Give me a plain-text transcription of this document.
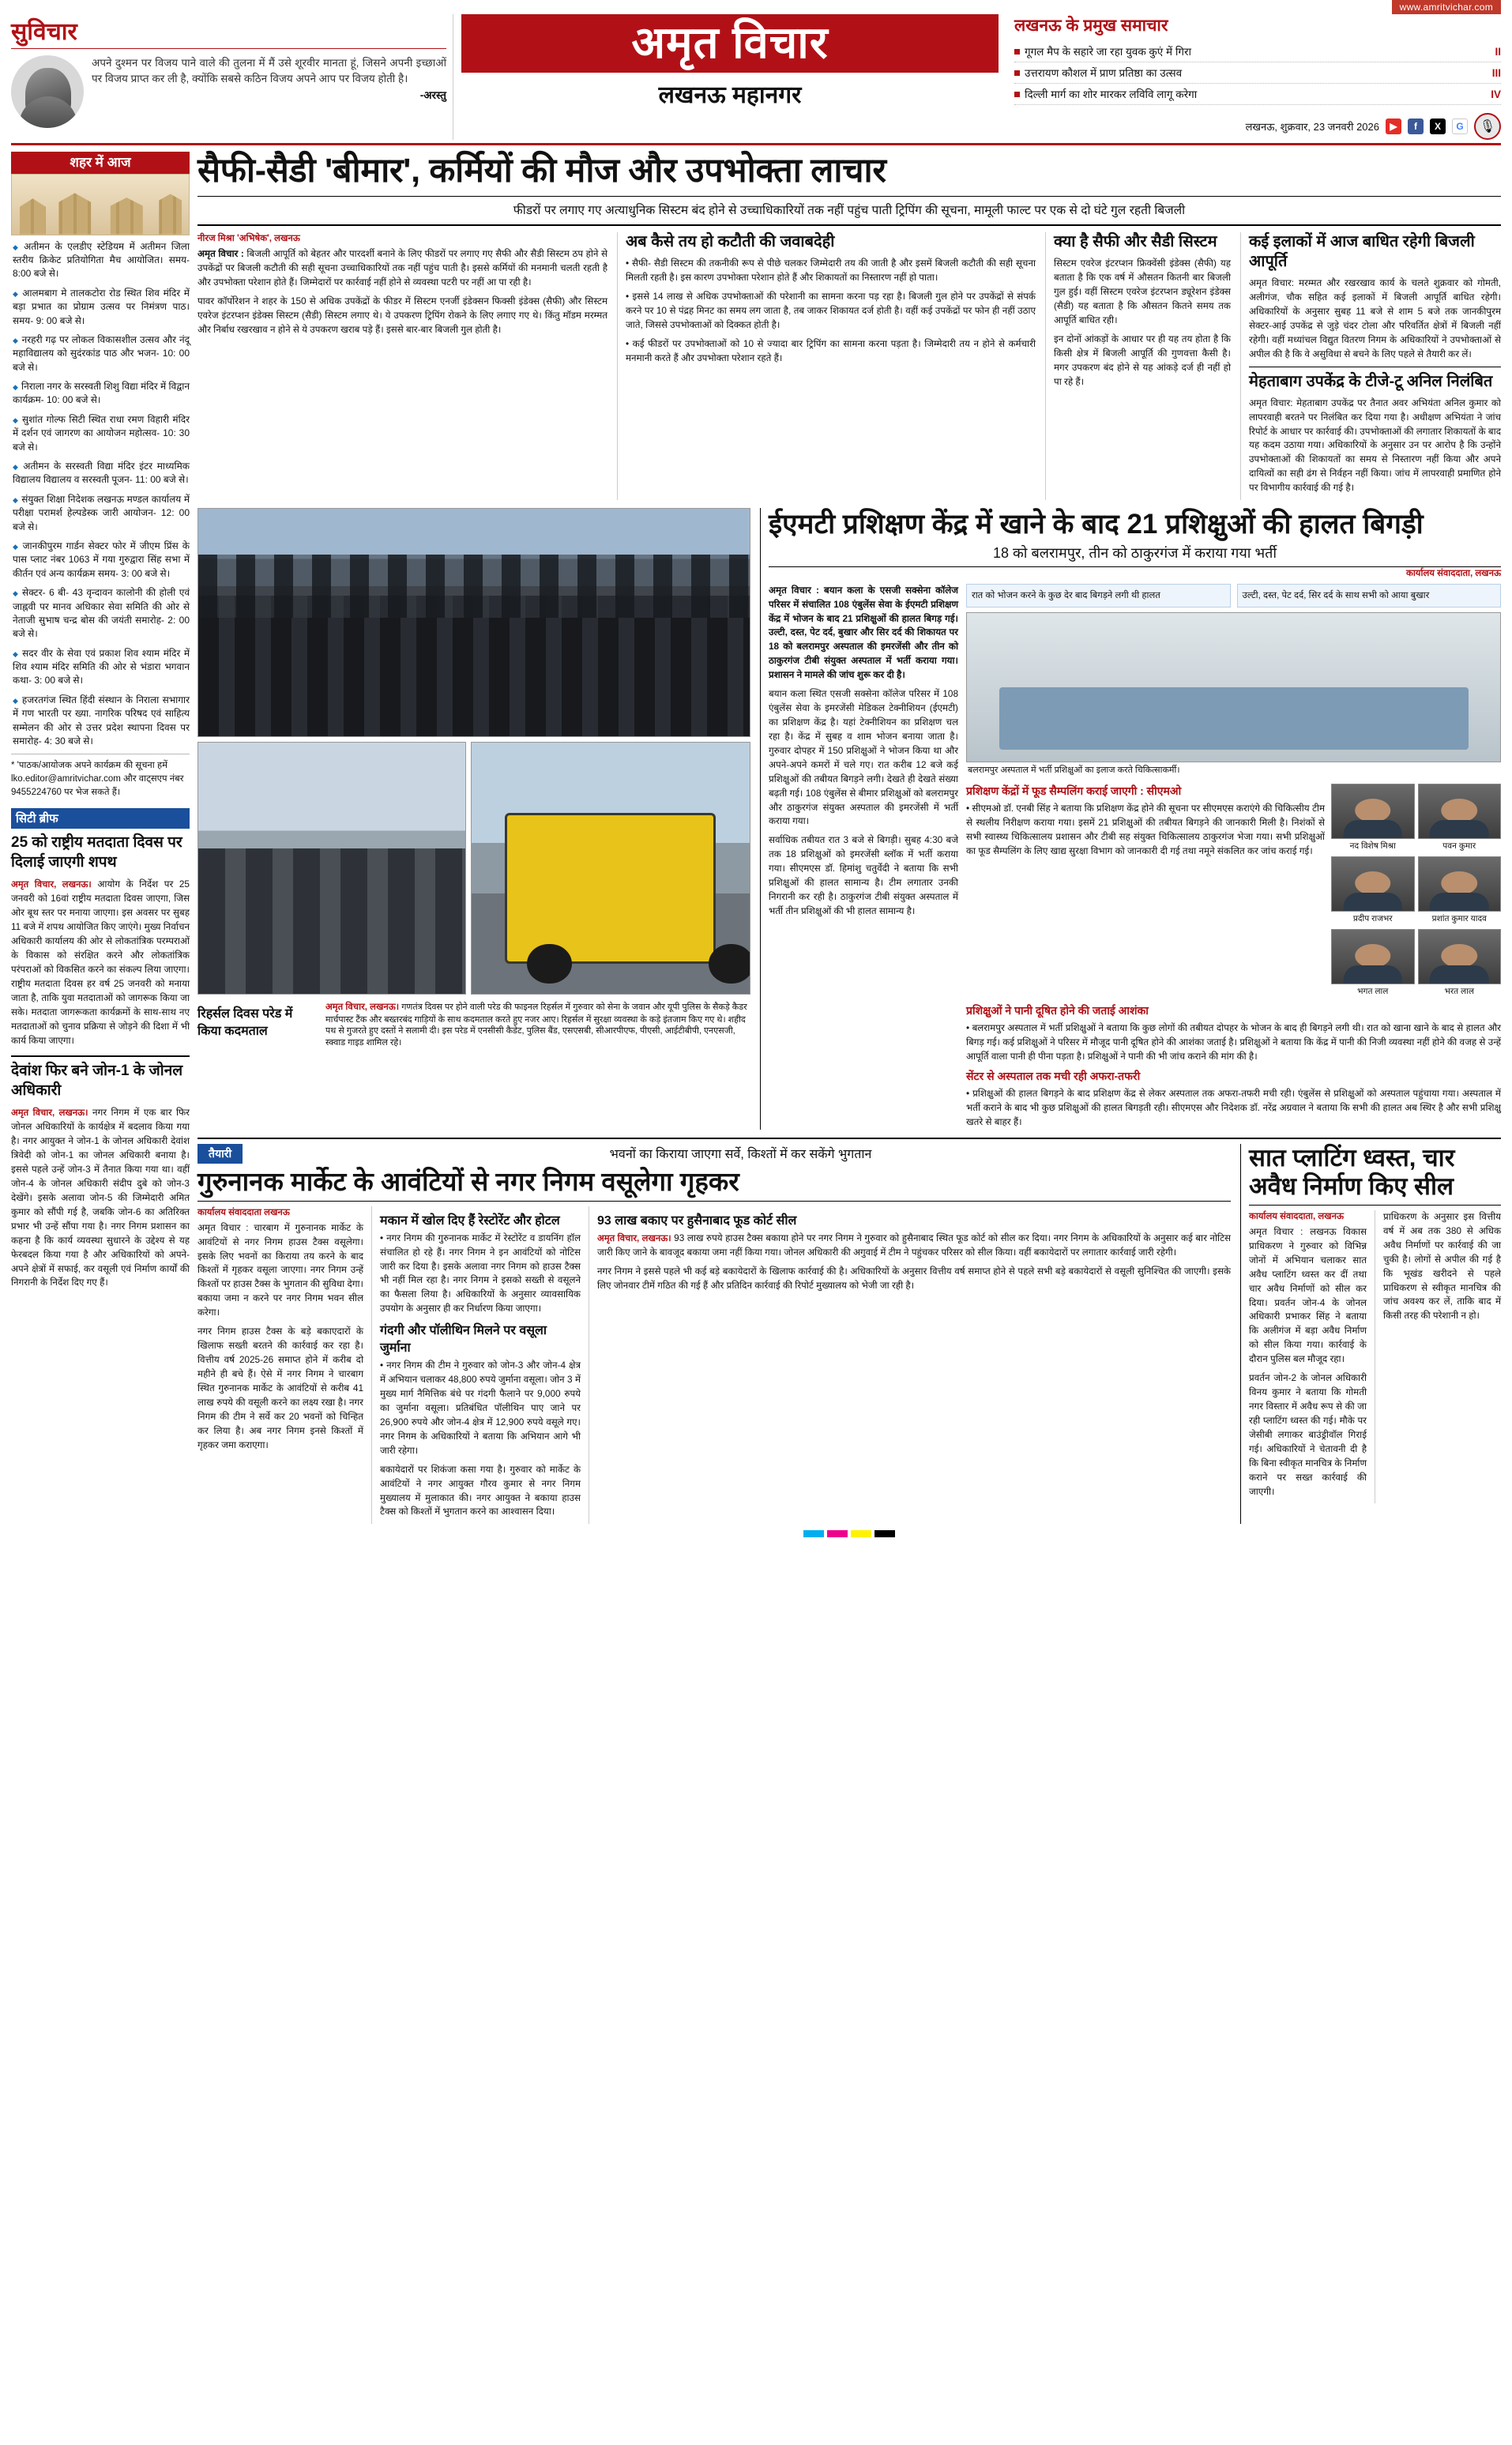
www.amritvichar.com
सुविचार
अपने दुश्मन पर विजय पाने वाले की तुलना में मैं उसे शूरवीर मानता हूं, जिसने अपनी इच्छाओं पर विजय प्राप्त कर ली है, क्योंकि सबसे कठिन विजय अपने आप पर विजय होती है।
-अरस्तु
अमृत विचार
लखनऊ महानगर
लखनऊ के प्रमुख समाचार
गूगल मैप के सहारे जा रहा युवक कुएं में गिरा	II
उत्तरायण कौशल में प्राण प्रतिष्ठा का उत्सव	III
दिल्ली मार्ग का शोर मारकर लविवि लागू करेगा	IV
लखनऊ, शुक्रवार, 23 जनवरी 2026	▶	f	X	G
🎙
शहर में आज
◆ अतीमन के एलडीए स्टेडियम में अतीमन जिला स्तरीय क्रिकेट प्रतियोगिता मैच आयोजित। समय- 8:00 बजे से।
◆ आलमबाग मे तालकटोरा रोड स्थित शिव मंदिर में बड़ा प्रभात का प्रोग्राम उत्सव पर निमंत्रण पाठ। समय- 9: 00 बजे से।
◆ नरहरी गढ़ पर लोकल विकासशील उत्सव और नंदू महाविद्यालय को सुदंरकांड पाठ और भजन- 10: 00 बजे से।
◆ निराला नगर के सरस्वती शिशु विद्या मंदिर में विद्वान कार्यक्रम- 10: 00 बजे से।
◆ सुशांत गोल्फ सिटी स्थित राधा रमण विहारी मंदिर में दर्शन एवं जागरण का आयोजन महोत्सव- 10: 30 बजे से।
◆ अतीमन के सरस्वती विद्या मंदिर इंटर माध्यमिक विद्यालय विद्यालय व सरस्वती पूजन- 11: 00 बजे से।
◆ संयुक्त शिक्षा निदेशक लखनऊ मण्डल कार्यालय में परीक्षा परामर्श हेल्पडेस्क जारी आयोजन- 12: 00 बजे से।
◆ जानकीपुरम गार्डन सेक्टर फोर में जीएम प्रिंस के पास प्लाट नंबर 1063 में गया गुरुद्वारा सिंह सभा में कीर्तन एवं अन्य कार्यक्रम समय- 3: 00 बजे से।
◆ सेक्टर- 6 बी- 43 वृन्दावन कालोनी की होली एवं जाह्नवी पर मानव अधिकार सेवा समिति की ओर से नेताजी सुभाष चन्द्र बोस की जयंती समारोह- 2: 00 बजे से।
◆ सदर वीर के सेवा एवं प्रकाश शिव श्याम मंदिर में शिव श्याम मंदिर समिति की ओर से भंडारा भगवान कथा- 3: 00 बजे से।
◆ हजरतगंज स्थित हिंदी संस्थान के निराला सभागार में गण भारती पर ख्या. नागरिक परिषद एवं साहित्य सम्मेलन की ओर से उत्तर प्रदेश स्थापना दिवस पर समारोह- 4: 30 बजे से।
* 'पाठक/आयोजक अपने कार्यक्रम की सूचना हमें lko.editor@amritvichar.com और वाट्सएप नंबर 9455224760 पर भेज सकते हैं।
सिटी ब्रीफ
25 को राष्ट्रीय मतदाता दिवस पर दिलाई जाएगी शपथ

अमृत विचार, लखनऊ। आयोग के निर्देश पर 25 जनवरी को 16वां राष्ट्रीय मतदाता दिवस जाएगा, जिस ओर बूथ स्तर पर मनाया जाएगा। इस अवसर पर सुबह 11 बजे में शपथ आयोजित किए जाएंगे। मुख्य निर्वाचन अधिकारी कार्यालय की ओर से लोकतांत्रिक परम्पराओं के विकास को संरक्षित करने और लोकतांत्रिक परंपराओं को विकसित करने का संकल्प लिया जाएगा। राष्ट्रीय मतदाता दिवस हर वर्ष 25 जनवरी को मनाया जाता है, ताकि युवा मतदाताओं को जागरूक किया जा सके। मतदाता जागरूकता कार्यक्रमों के साथ-साथ नए मतदाताओं को चुनाव प्रक्रिया से जोड़ने की दिशा में भी कार्य किया जाएगा।

देवांश फिर बने जोन-1 के जोनल अधिकारी

अमृत विचार, लखनऊ। नगर निगम में एक बार फिर जोनल अधिकारियों के कार्यक्षेत्र में बदलाव किया गया है। नगर आयुक्त ने जोन-1 के जोनल अधिकारी देवांश त्रिवेदी को जोन-1 का जोनल अधिकारी बनाया है। इससे पहले उन्हें जोन-3 में तैनात किया गया था। वहीं जोन-4 के जोनल अधिकारी संदीप दुबे को जोन-3 देखेंगे। इसके अलावा जोन-5 की जिम्मेदारी अमित कुमार को सौंपी गई है, जबकि जोन-6 का अतिरिक्त प्रभार भी उन्हें सौंपा गया है। नगर निगम प्रशासन का कहना है कि कार्य व्यवस्था सुधारने के उद्देश्य से यह फेरबदल किया गया है और अधिकारियों को अपने-अपने क्षेत्रों में सफाई, कर वसूली एवं निर्माण कार्यों की निगरानी के निर्देश दिए गए हैं।

सैफी-सैडी 'बीमार', कर्मियों की मौज और उपभोक्ता लाचार
फीडरों पर लगाए गए अत्याधुनिक सिस्टम बंद होने से उच्चाधिकारियों तक नहीं पहुंच पाती ट्रिपिंग की सूचना, मामूली फाल्ट पर एक से दो घंटे गुल रहती बिजली
नीरज मिश्रा 'अभिषेक', लखनऊ

अमृत विचार : बिजली आपूर्ति को बेहतर और पारदर्शी बनाने के लिए फीडरों पर लगाए गए सैफी और सैडी सिस्टम ठप होने से उपकेंद्रों पर बिजली कटौती की सही सूचना उच्चाधिकारियों तक नहीं पहुंच पाती है। इससे कर्मियों की मनमानी चलती रहती है और उपभोक्ता परेशान होते हैं। जिम्मेदारों पर कार्रवाई नहीं होने से व्यवस्था पटरी पर नहीं आ पा रही है।

पावर कॉर्पोरेशन ने शहर के 150 से अधिक उपकेंद्रों के फीडर में सिस्टम एनर्जी इंडेक्सन फिक्सी इंडेक्स (सैफी) और सिस्टम एवरेज इंटरप्शन इंडेक्स सिस्टम (सैडी) सिस्टम लगाए थे। ये उपकरण ट्रिपिंग रोकने के लिए लगाए गए थे। किंतु मॉडम मरम्मत और निर्बाध रखरखाव न होने से ये उपकरण खराब पड़े हैं। इससे बार-बार बिजली गुल होती है।

अब कैसे तय हो कटौती की जवाबदेही

• सैफी- सैडी सिस्टम की तकनीकी रूप से पीछे चलकर जिम्मेदारी तय की जाती है और इसमें बिजली कटौती की सही सूचना मिलती रहती है। इस कारण उपभोक्ता परेशान होते हैं और शिकायतों का निस्तारण नहीं हो पाता।

• इससे 14 लाख से अधिक उपभोक्ताओं की परेशानी का सामना करना पड़ रहा है। बिजली गुल होने पर उपकेंद्रों से संपर्क करने पर 10 से पंद्रह मिनट का समय लग जाता है, तब जाकर शिकायत दर्ज होती है। वहीं कई उपकेंद्रों पर फोन ही नहीं उठाए जाते, जिससे उपभोक्ताओं को दिक्कत होती है।

• कई फीडरों पर उपभोक्ताओं को 10 से ज्यादा बार ट्रिपिंग का सामना करना पड़ता है। जिम्मेदारी तय न होने से कर्मचारी मनमानी करते हैं और उपभोक्ता परेशान रहते हैं।

क्या है सैफी और सैडी सिस्टम

सिस्टम एवरेज इंटरप्शन फ्रिक्वेंसी इंडेक्स (सैफी) यह बताता है कि एक वर्ष में औसतन कितनी बार बिजली गुल हुई। वहीं सिस्टम एवरेज इंटरप्शन ड्यूरेशन इंडेक्स (सैडी) यह बताता है कि औसतन कितने समय तक आपूर्ति बाधित रही।

इन दोनों आंकड़ों के आधार पर ही यह तय होता है कि किसी क्षेत्र में बिजली आपूर्ति की गुणवत्ता कैसी है। मगर उपकरण बंद होने से यह आंकड़े दर्ज ही नहीं हो पा रहे हैं।

कई इलाकों में आज बाधित रहेगी बिजली आपूर्ति

अमृत विचार: मरम्मत और रखरखाव कार्य के चलते शुक्रवार को गोमती, अलीगंज, चौक सहित कई इलाकों में बिजली आपूर्ति बाधित रहेगी। अधिकारियों के अनुसार सुबह 11 बजे से शाम 5 बजे तक जानकीपुरम सेक्टर-आई उपकेंद्र से जुड़े चंदर टोला और परिवर्तित क्षेत्रों में बिजली नहीं रहेगी। वहीं मध्यांचल विद्युत वितरण निगम के अधिकारियों ने उपभोक्ताओं से अपील की है कि वे असुविधा से बचने के लिए पहले से तैयारी कर लें।

मेहताबाग उपकेंद्र के टीजे-टू अनिल निलंबित

अमृत विचार: मेहताबाग उपकेंद्र पर तैनात अवर अभियंता अनिल कुमार को लापरवाही बरतने पर निलंबित कर दिया गया है। अधीक्षण अभियंता ने जांच रिपोर्ट के आधार पर कार्रवाई की। उपभोक्ताओं की लगातार शिकायतों के बाद यह कदम उठाया गया। अधिकारियों के अनुसार उन पर आरोप है कि उन्होंने उपभोक्ताओं की शिकायतों का समय से निस्तारण नहीं किया और अपने दायित्वों का सही ढंग से निर्वहन नहीं किया। जांच में लापरवाही प्रमाणित होने पर विभागीय कार्रवाई की गई है।

रिहर्सल दिवस परेड में किया कदमताल
अमृत विचार, लखनऊ। गणतंत्र दिवस पर होने वाली परेड की फाइनल रिहर्सल में गुरुवार को सेना के जवान और यूपी पुलिस के सैकड़े कैडर मार्चपास्ट टैंक और बख्तरबंद गाड़ियों के साथ कदमताल करते हुए नजर आए। रिहर्सल में सुरक्षा व्यवस्था के कड़े इंतजाम किए गए थे। शहीद पथ से गुजरते हुए दस्तों ने सलामी दी। इस परेड में एनसीसी कैडेट, पुलिस बैंड, एसएसबी, सीआरपीएफ, पीएसी, आईटीबीपी, एनएसजी, स्क्वाड गाइड शामिल रहे।
ईएमटी प्रशिक्षण केंद्र में खाने के बाद 21 प्रशिक्षुओं की हालत बिगड़ी
18 को बलरामपुर, तीन को ठाकुरगंज में कराया गया भर्ती
कार्यालय संवाददाता, लखनऊ

अमृत विचार : बयान कला के एसजी सक्सेना कॉलेज परिसर में संचालित 108 एंबुलेंस सेवा के ईएमटी प्रशिक्षण केंद्र में भोजन के बाद 21 प्रशिक्षुओं की हालत बिगड़ गई। उल्टी, दस्त, पेट दर्द, बुखार और सिर दर्द की शिकायत पर 18 को बलरामपुर अस्पताल की इमरजेंसी और तीन को ठाकुरगंज टीबी संयुक्त अस्पताल में भर्ती कराया गया। प्रशासन ने मामले की जांच शुरू कर दी है।

बयान कला स्थित एसजी सक्सेना कॉलेज परिसर में 108 एंबुलेंस सेवा के इमरजेंसी मेडिकल टेक्नीशियन (ईएमटी) का प्रशिक्षण केंद्र है। यहां टेक्नीशियन का प्रशिक्षण चल रहा है। केंद्र में सुबह व शाम भोजन बनाया जाता है। गुरुवार दोपहर में 150 प्रशिक्षुओं ने भोजन किया था और अपने-अपने कमरों में चले गए। रात करीब 12 बजे कई प्रशिक्षुओं की तबीयत बिगड़ने लगी। देखते ही देखते संख्या बढ़ती गई। 108 एंबुलेंस से बीमार प्रशिक्षुओं को बलरामपुर और ठाकुरगंज संयुक्त अस्पताल की इमरजेंसी में भर्ती कराया गया।

सर्वाधिक तबीयत रात 3 बजे से बिगड़ी। सुबह 4:30 बजे तक 18 प्रशिक्षुओं को इमरजेंसी ब्लॉक में भर्ती कराया गया। सीएमएस डॉ. हिमांशु चतुर्वेदी ने बताया कि सभी प्रशिक्षुओं की हालत सामान्य है। टीम लगातार उनकी निगरानी कर रही है। ठाकुरगंज टीबी संयुक्त अस्पताल में भर्ती तीन प्रशिक्षुओं की भी हालत सामान्य है।

रात को भोजन करने के कुछ देर बाद बिगड़ने लगी थी हालत	उल्टी, दस्त, पेट दर्द, सिर दर्द के साथ सभी को आया बुखार
बलरामपुर अस्पताल में भर्ती प्रशिक्षुओं का इलाज करते चिकित्साकर्मी।
प्रशिक्षण केंद्रों में फूड सैम्पलिंग कराई जाएगी : सीएमओ
• सीएमओ डॉ. एनबी सिंह ने बताया कि प्रशिक्षण केंद्र होने की सूचना पर सीएमएस कराएंगे की चिकित्सीय टीम से स्थलीय निरीक्षण कराया गया। इसमें 21 प्रशिक्षुओं की तबीयत बिगड़ने की जानकारी मिली है। निशंकों से सभी स्वास्थ्य चिकित्सालय प्रशासन और टीबी सह संयुक्त चिकित्सालय ठाकुरगंज भेजा गया। सभी प्रशिक्षुओं का फूड सैम्पलिंग के लिए खाद्य सुरक्षा विभाग को जानकारी दी गई तथा नमूने संकलित कर जांच कराई गई।	नद विशेष मिश्रा	पवन कुमार
प्रदीप राजभर	प्रशांत कुमार यादव
भगत लाल	भरत लाल
प्रशिक्षुओं ने पानी दूषित होने की जताई आशंका
• बलरामपुर अस्पताल में भर्ती प्रशिक्षुओं ने बताया कि कुछ लोगों की तबीयत दोपहर के भोजन के बाद ही बिगड़ने लगी थी। रात को खाना खाने के बाद से हालत और बिगड़ गई। कई प्रशिक्षुओं ने परिसर में मौजूद पानी दूषित होने की आशंका जताई है। प्रशिक्षुओं ने बताया कि केंद्र में पानी की निजी व्यवस्था नहीं होने की वजह से उन्हें आपूर्ति वाला पानी ही पीना पड़ता है। प्रशिक्षुओं ने पानी की भी जांच कराने की मांग की है।
सेंटर से अस्पताल तक मची रही अफरा-तफरी
• प्रशिक्षुओं की हालत बिगड़ने के बाद प्रशिक्षण केंद्र से लेकर अस्पताल तक अफरा-तफरी मची रही। एंबुलेंस से प्रशिक्षुओं को अस्पताल पहुंचाया गया। अस्पताल में भर्ती कराने के बाद भी कुछ प्रशिक्षुओं की हालत बिगड़ती रही। सीएमएस और निदेशक डॉ. नरेंद्र अग्रवाल ने बताया कि सभी की हालत अब स्थिर है और सभी प्रशिक्षु खतरे से बाहर हैं।
तैयारी	भवनों का किराया जाएगा सर्वे, किश्तों में कर सकेंगे भुगतान
गुरुनानक मार्केट के आवंटियों से नगर निगम वसूलेगा गृहकर
कार्यालय संवाददाता लखनऊ

अमृत विचार : चारबाग में गुरुनानक मार्केट के आवंटियों से नगर निगम हाउस टैक्स वसूलेगा। इसके लिए भवनों का किराया तय करने के बाद किश्तों में गृहकर वसूला जाएगा। नगर निगम उन्हें किश्तों पर हाउस टैक्स के भुगतान की सुविधा देगा। बकाया जमा न करने पर नगर निगम भवन सील करेगा।

नगर निगम हाउस टैक्स के बड़े बकाएदारों के खिलाफ सख्ती बरतने की कार्रवाई कर रहा है। वित्तीय वर्ष 2025-26 समाप्त होने में करीब दो महीने ही बचे हैं। ऐसे में नगर निगम ने चारबाग स्थित गुरुनानक मार्केट के आवंटियों से करीब 41 लाख रुपये की वसूली करने का लक्ष्य रखा है। नगर निगम की टीम ने सर्वे कर 20 भवनों को चिन्हित कर लिया है। अब नगर निगम इनसे किश्तों में गृहकर जमा कराएगा।

मकान में खोल दिए हैं रेस्टोरेंट और होटल

• नगर निगम की गुरुनानक मार्केट में रेस्टोरेंट व डायनिंग हॉल संचालित हो रहे हैं। नगर निगम ने इन आवंटियों को नोटिस जारी कर दिया है। इसके अलावा नगर निगम को हाउस टैक्स भी नहीं मिल रहा है। नगर निगम ने इसको सख्ती से वसूलने का फैसला लिया है। अधिकारियों के अनुसार व्यावसायिक उपयोग के अनुसार ही कर निर्धारण किया जाएगा।

गंदगी और पॉलीथिन मिलने पर वसूला जुर्माना

• नगर निगम की टीम ने गुरुवार को जोन-3 और जोन-4 क्षेत्र में अभियान चलाकर 48,800 रुपये जुर्माना वसूला। जोन 3 में मुख्य मार्ग नैमित्तिक बंधे पर गंदगी फैलाने पर 9,000 रुपये का जुर्माना वसूला। प्रतिबंधित पॉलीथिन पाए जाने पर 26,900 रुपये और जोन-4 क्षेत्र में 12,900 रुपये वसूले गए। नगर निगम के अधिकारियों ने बताया कि अभियान आगे भी जारी रहेगा।

बकायेदारों पर शिकंजा कसा गया है। गुरुवार को मार्केट के आवंटियों ने नगर आयुक्त गौरव कुमार से नगर निगम मुख्यालय में मुलाकात की। नगर आयुक्त ने बकाया हाउस टैक्स को किश्तों में भुगतान करने का आश्वासन दिया।

93 लाख बकाए पर हुसैनाबाद फूड कोर्ट सील

अमृत विचार, लखनऊ। 93 लाख रुपये हाउस टैक्स बकाया होने पर नगर निगम ने गुरुवार को हुसैनाबाद स्थित फूड कोर्ट को सील कर दिया। नगर निगम के अधिकारियों के अनुसार कई बार नोटिस जारी किए जाने के बावजूद बकाया जमा नहीं किया गया। जोनल अधिकारी की अगुवाई में टीम ने पहुंचकर परिसर को सील किया। वहीं बकायेदारों पर लगातार कार्रवाई जारी रहेगी।

नगर निगम ने इससे पहले भी कई बड़े बकायेदारों के खिलाफ कार्रवाई की है। अधिकारियों के अनुसार वित्तीय वर्ष समाप्त होने से पहले सभी बड़े बकायेदारों से वसूली सुनिश्चित की जाएगी। इसके लिए जोनवार टीमें गठित की गई हैं और प्रतिदिन कार्रवाई की रिपोर्ट मुख्यालय को भेजी जा रही है।

सात प्लाटिंग ध्वस्त, चार अवैध निर्माण किए सील
कार्यालय संवाददाता, लखनऊ

अमृत विचार : लखनऊ विकास प्राधिकरण ने गुरुवार को विभिन्न जोनों में अभियान चलाकर सात अवैध प्लाटिंग ध्वस्त कर दीं तथा चार अवैध निर्माणों को सील कर दिया। प्रवर्तन जोन-4 के जोनल अधिकारी प्रभाकर सिंह ने बताया कि अलीगंज में बड़ा अवैध निर्माण को सील किया गया। कार्रवाई के दौरान पुलिस बल मौजूद रहा।

प्रवर्तन जोन-2 के जोनल अधिकारी विनय कुमार ने बताया कि गोमती नगर विस्तार में अवैध रूप से की जा रही प्लाटिंग ध्वस्त की गई। मौके पर जेसीबी लगाकर बाउंड्रीवॉल गिराई गई। अधिकारियों ने चेतावनी दी है कि बिना स्वीकृत मानचित्र के निर्माण कराने पर सख्त कार्रवाई की जाएगी।

प्राधिकरण के अनुसार इस वित्तीय वर्ष में अब तक 380 से अधिक अवैध निर्माणों पर कार्रवाई की जा चुकी है। लोगों से अपील की गई है कि भूखंड खरीदने से पहले प्राधिकरण से स्वीकृत मानचित्र की जांच अवश्य कर लें, ताकि बाद में किसी तरह की परेशानी न हो।
